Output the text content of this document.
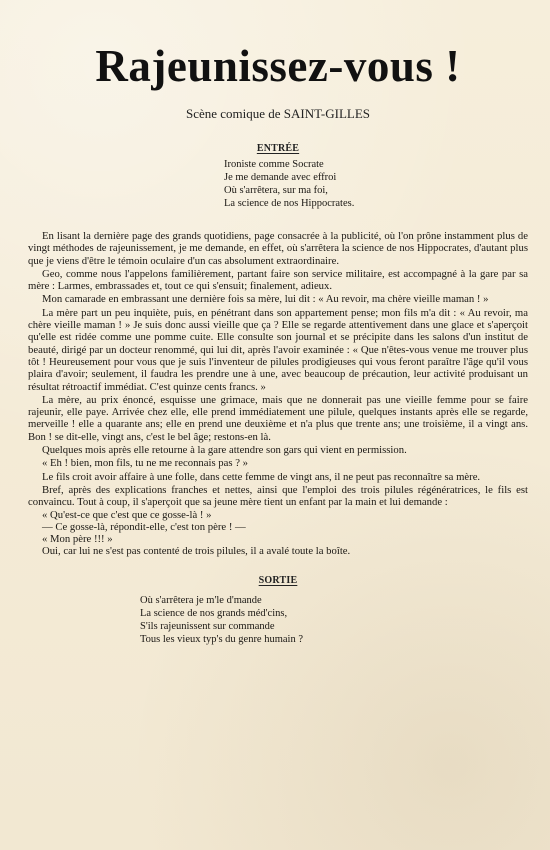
Rajeunissez-vous !
Scène comique de SAINT-GILLES
ENTRÉE
Ironiste comme Socrate
Je me demande avec effroi
Où s'arrêtera, sur ma foi,
La science de nos Hippocrates.

En lisant la dernière page des grands quotidiens, page consacrée à la publicité, où l'on prône instamment plus de vingt méthodes de rajeunissement, je me demande, en effet, où s'arrêtera la science de nos Hippocrates, d'autant plus que je viens d'être le témoin oculaire d'un cas absolument extraordinaire.

Geo, comme nous l'appelons familièrement, partant faire son service militaire, est accompagné à la gare par sa mère : Larmes, embrassades et, tout ce qui s'ensuit; finalement, adieux.

Mon camarade en embrassant une dernière fois sa mère, lui dit : « Au revoir, ma chère vieille maman ! »

La mère part un peu inquiète, puis, en pénétrant dans son appartement pense; mon fils m'a dit : « Au revoir, ma chère vieille maman ! » Je suis donc aussi vieille que ça ? Elle se regarde attentivement dans une glace et s'aperçoit qu'elle est ridée comme une pomme cuite. Elle consulte son journal et se précipite dans les salons d'un institut de beauté, dirigé par un docteur renommé, qui lui dit, après l'avoir examinée : « Que n'êtes-vous venue me trouver plus tôt ! Heureusement pour vous que je suis l'inventeur de pilules prodigieuses qui vous feront paraître l'âge qu'il vous plaira d'avoir; seulement, il faudra les prendre une à une, avec beaucoup de précaution, leur activité produisant un résultat rétroactif immédiat. C'est quinze cents francs. »

La mère, au prix énoncé, esquisse une grimace, mais que ne donnerait pas une vieille femme pour se faire rajeunir, elle paye. Arrivée chez elle, elle prend immédiatement une pilule, quelques instants après elle se regarde, merveille ! elle a quarante ans; elle en prend une deuxième et n'a plus que trente ans; une troisième, il a vingt ans. Bon ! se dit-elle, vingt ans, c'est le bel âge; restons-en là.

Quelques mois après elle retourne à la gare attendre son gars qui vient en permission.

« Eh ! bien, mon fils, tu ne me reconnais pas ? »

Le fils croit avoir affaire à une folle, dans cette femme de vingt ans, il ne peut pas reconnaître sa mère.

Bref, après des explications franches et nettes, ainsi que l'emploi des trois pilules régénératrices, le fils est convaincu. Tout à coup, il s'aperçoit que sa jeune mère tient un enfant par la main et lui demande :

« Qu'est-ce que c'est que ce gosse-là ! »

— Ce gosse-là, répondit-elle, c'est ton père ! —

« Mon père !!! »

Oui, car lui ne s'est pas contenté de trois pilules, il a avalé toute la boîte.

SORTIE
Où s'arrêtera je m'le d'mande
La science de nos grands méd'cins,
S'ils rajeunissent sur commande
Tous les vieux typ's du genre humain ?
